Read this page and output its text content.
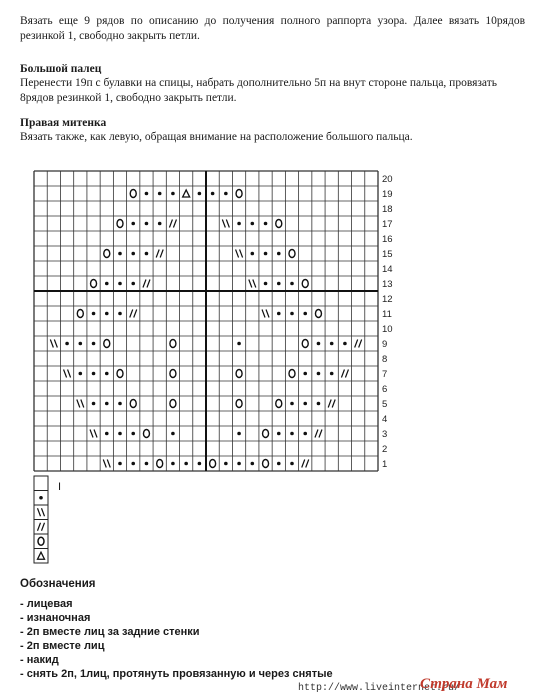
Вязать еще 9 рядов по описанию до получения полного раппорта узора. Далее вязать 10рядов резинкой 1, свободно закрыть петли.
Большой палец
Перенести 19п с булавки на спицы, набрать дополнительно 5п на внут стороне пальца, провязать 8рядов резинкой 1, свободно закрыть петли.
Правая митенка
Вязать также, как левую, обращая внимание на расположение большого пальца.
1
2
3
4
5
6
7
8
9
10
11
12
13
14
15
16
17
18
19
20
I
Обозначения
- лицевая
- изнаночная
- 2п вместе лиц за задние стенки
- 2п вместе лиц
- накид
- снять 2п, 1лиц, протянуть провязанную и через снятые
http://www.liveinternet.ru/
Страна Мам
